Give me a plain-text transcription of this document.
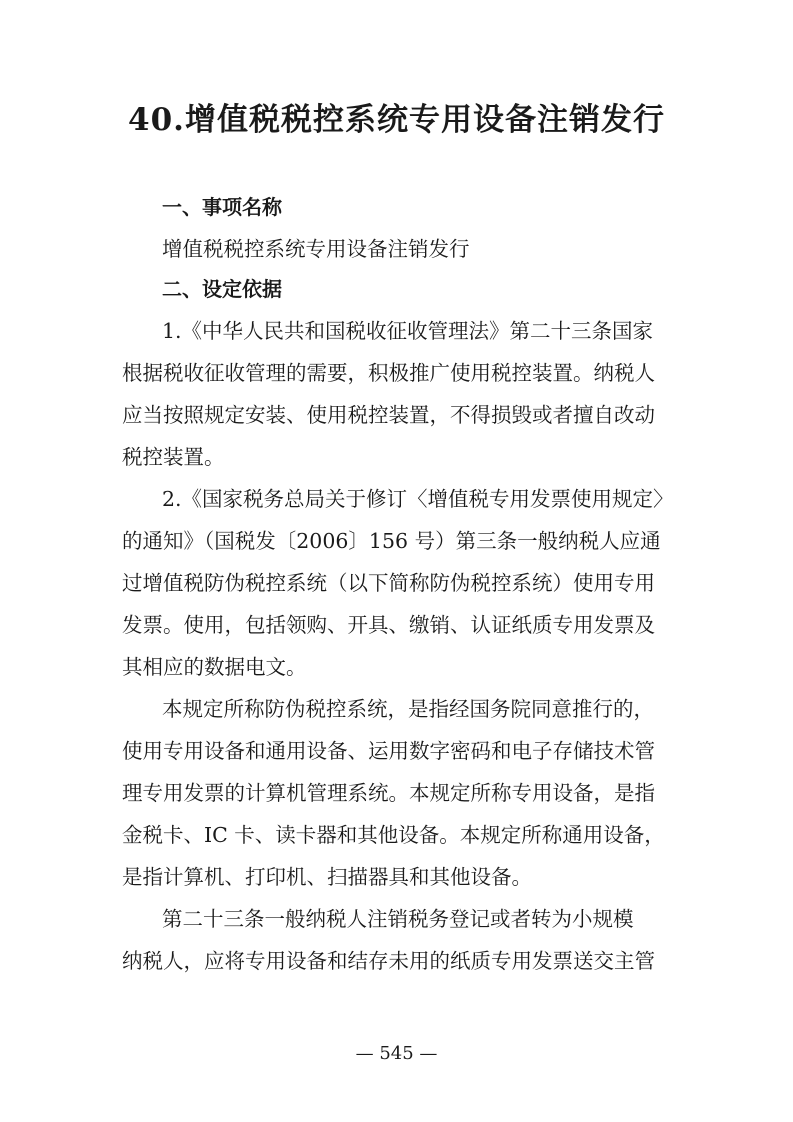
40.增值税税控系统专用设备注销发行
一、事项名称
增值税税控系统专用设备注销发行
二、设定依据
1.《中华人民共和国税收征收管理法》第二十三条国家
根据税收征收管理的需要，积极推广使用税控装置。纳税人
应当按照规定安装、使用税控装置，不得损毁或者擅自改动
税控装置。
2.《国家税务总局关于修订〈增值税专用发票使用规定〉
的通知》（国税发〔2006〕156 号）第三条一般纳税人应通
过增值税防伪税控系统（以下简称防伪税控系统）使用专用
发票。使用，包括领购、开具、缴销、认证纸质专用发票及
其相应的数据电文。
本规定所称防伪税控系统，是指经国务院同意推行的，
使用专用设备和通用设备、运用数字密码和电子存储技术管
理专用发票的计算机管理系统。本规定所称专用设备，是指
金税卡、IC 卡、读卡器和其他设备。本规定所称通用设备，
是指计算机、打印机、扫描器具和其他设备。
第二十三条一般纳税人注销税务登记或者转为小规模
纳税人，应将专用设备和结存未用的纸质专用发票送交主管
— 545 —
